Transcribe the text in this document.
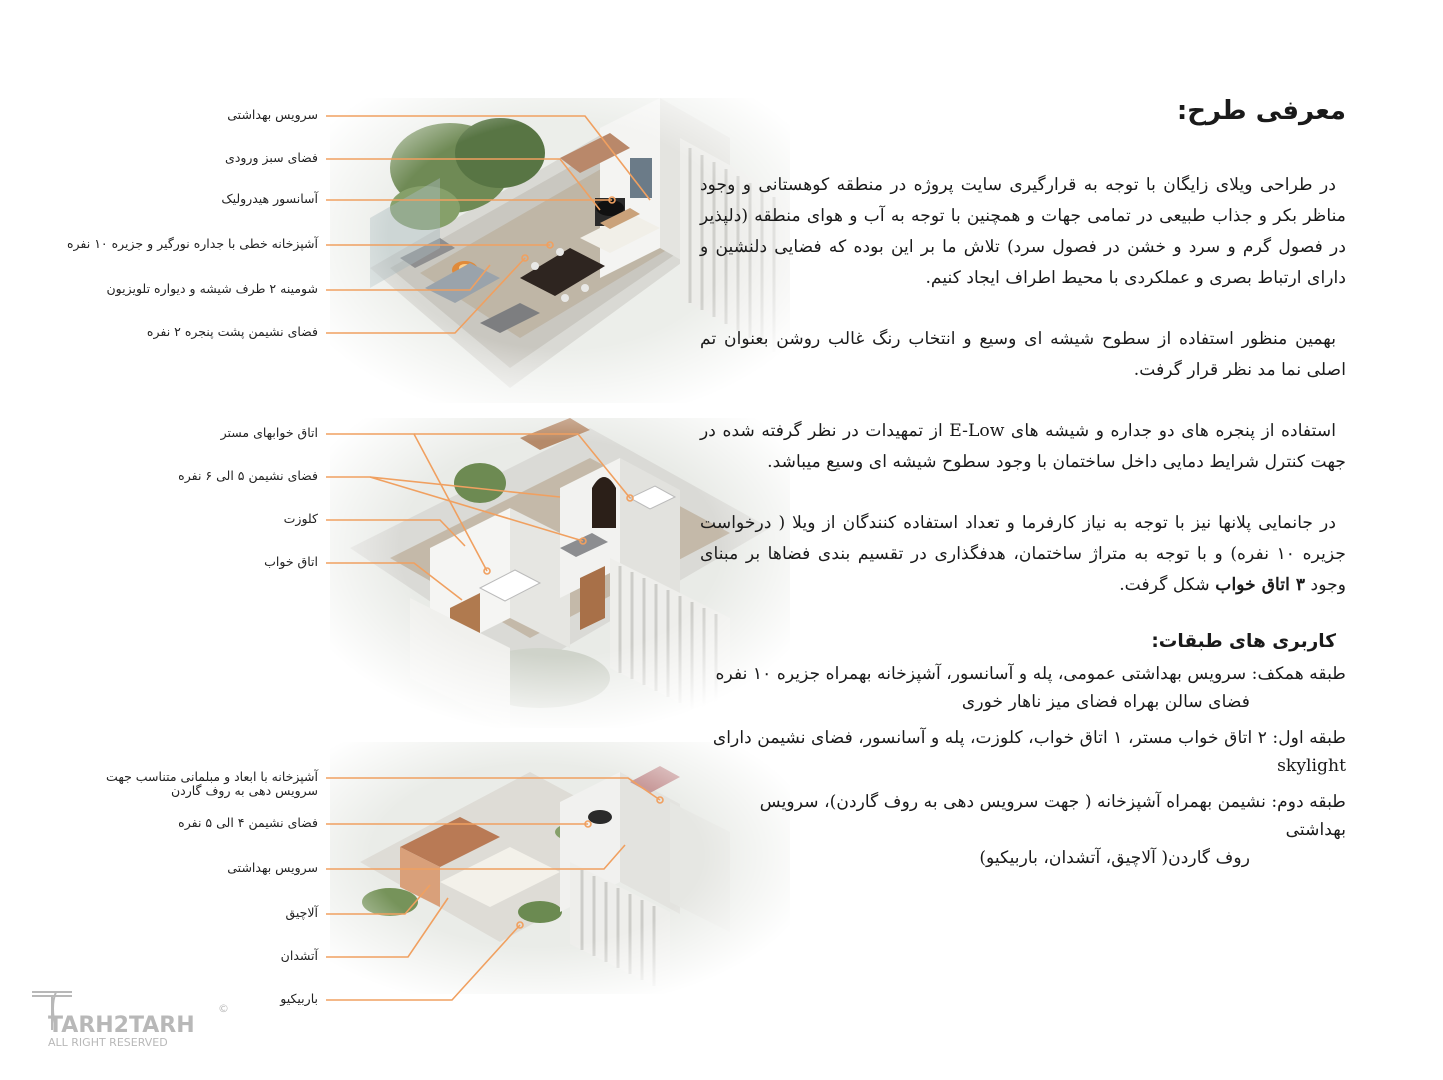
سرویس بهداشتی
فضای سبز ورودی
آسانسور هیدرولیک
آشپزخانه خطی با جداره نورگیر و جزیره ۱۰ نفره
شومینه ۲ طرف شیشه و دیواره تلویزیون
فضای نشیمن پشت پنجره ۲ نفره
اتاق خوابهای مستر
فضای نشیمن ۵ الی ۶ نفره
کلوزت
اتاق خواب
آشپزخانه با ابعاد و مبلمانی متناسب جهت سرویس دهی به روف گاردن
فضای نشیمن ۴ الی ۵ نفره
سرویس بهداشتی
آلاچیق
آتشدان
باربیکیو
معرفی طرح:

در طراحی ویلای زایگان با توجه به قرارگیری سایت پروژه در منطقه کوهستانی و وجود مناظر بکر و جذاب طبیعی در تمامی جهات و همچنین با توجه به آب و هوای منطقه (دلپذیر در فصول گرم و سرد و خشن در فصول سرد) تلاش ما بر این بوده که فضایی دلنشین و دارای ارتباط بصری و عملکردی با محیط اطراف ایجاد کنیم.

بهمین منظور استفاده از سطوح شیشه ای وسیع و انتخاب رنگ غالب روشن بعنوان تم اصلی نما مد نظر قرار گرفت.

استفاده از پنجره های دو جداره و شیشه های E-Low از تمهیدات در نظر گرفته شده در جهت کنترل شرایط دمایی داخل ساختمان با وجود سطوح شیشه ای وسیع میباشد.

در جانمایی پلانها نیز با توجه به نیاز کارفرما و تعداد استفاده کنندگان از ویلا ( درخواست جزیره ۱۰ نفره) و با توجه به متراژ ساختمان، هدفگذاری در تقسیم بندی فضاها بر مبنای وجود ۳ اتاق خواب شکل گرفت.

کاربری های طبقات:

طبقه همکف: سرویس بهداشتی عمومی، پله و آسانسور، آشپزخانه بهمراه جزیره ۱۰ نفره
فضای سالن بهراه فضای میز ناهار خوری

طبقه اول: ۲ اتاق خواب مستر، ۱ اتاق خواب، کلوزت، پله و آسانسور، فضای نشیمن دارای skylight

طبقه دوم: نشیمن بهمراه آشپزخانه ( جهت سرویس دهی به روف گاردن)، سرویس بهداشتی
روف گاردن( آلاچیق، آتشدان، باربیکیو)

TARH2TARH
ALL RIGHT RESERVED
©
